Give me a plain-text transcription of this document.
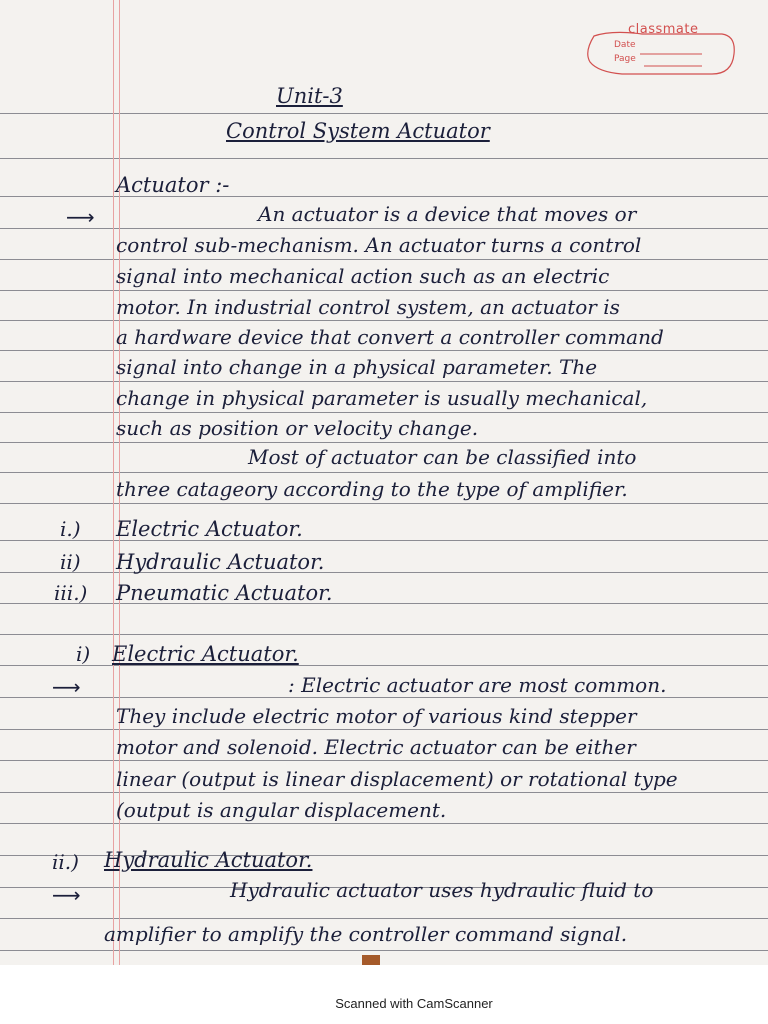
classmate
Date
Page
Unit-3
Control System Actuator
Actuator :-
⟶	An actuator is a device that moves or
control sub-mechanism. An actuator turns a control
signal into mechanical action such as an electric
motor. In industrial control system, an actuator is
a hardware device that convert a controller command
signal into change in a physical parameter. The
change in physical parameter is usually mechanical,
such as position or velocity change.
Most of actuator can be classified into
three catageory according to the type of amplifier.
i.) Electric Actuator.
ii) Hydraulic Actuator.
iii.) Pneumatic Actuator.
i) Electric Actuator.
⟶	: Electric actuator are most common.
They include electric motor of various kind stepper
motor and solenoid. Electric actuator can be either
linear (output is linear displacement) or rotational type
(output is angular displacement.
ii.) Hydraulic Actuator.
⟶	Hydraulic actuator uses hydraulic fluid to
amplifier to amplify the controller command signal.
Scanned with CamScanner
